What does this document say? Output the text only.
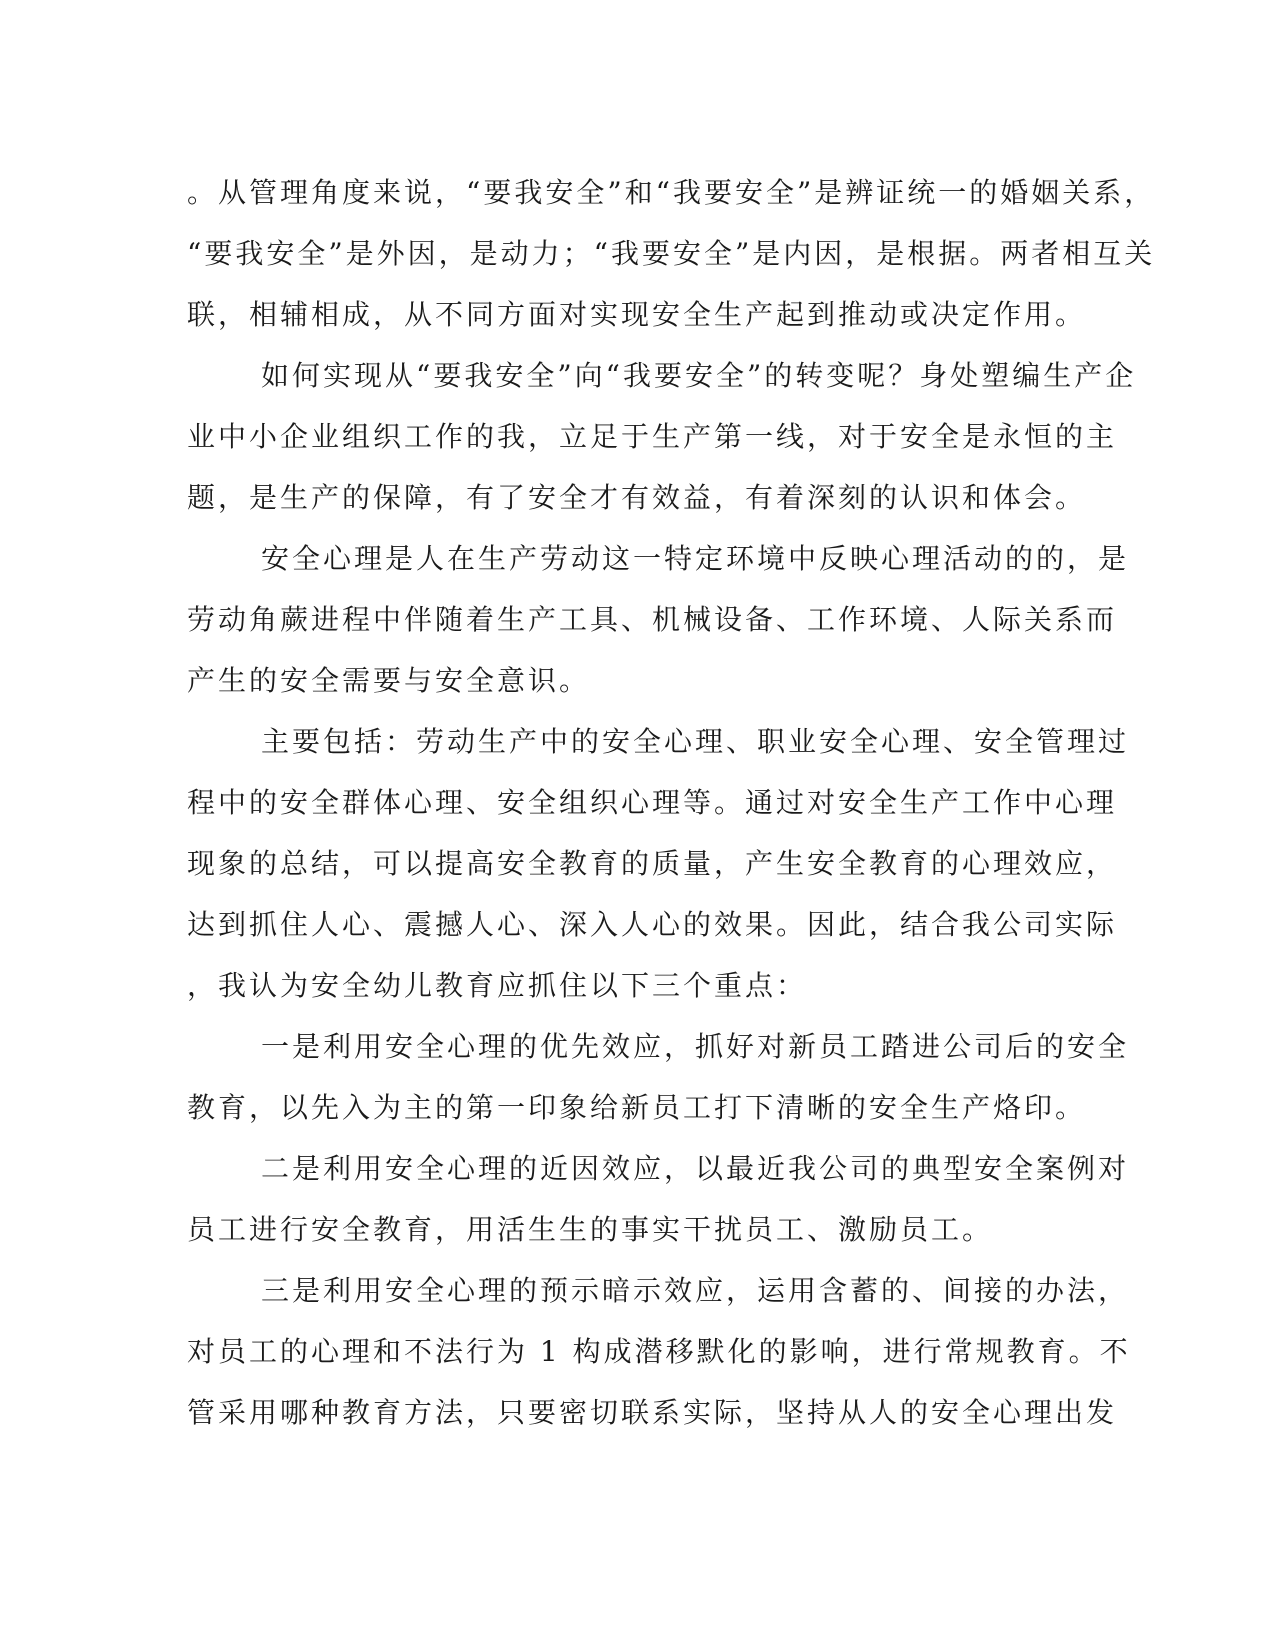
。从管理角度来说，“要我安全”和“我要安全”是辨证统一的婚姻关系，
“要我安全”是外因，是动力；“我要安全”是内因，是根据。两者相互关
联，相辅相成，从不同方面对实现安全生产起到推动或决定作用。
如何实现从“要我安全”向“我要安全”的转变呢？身处塑编生产企
业中小企业组织工作的我，立足于生产第一线，对于安全是永恒的主
题，是生产的保障，有了安全才有效益，有着深刻的认识和体会。
安全心理是人在生产劳动这一特定环境中反映心理活动的的，是
劳动角蕨进程中伴随着生产工具、机械设备、工作环境、人际关系而
产生的安全需要与安全意识。
主要包括：劳动生产中的安全心理、职业安全心理、安全管理过
程中的安全群体心理、安全组织心理等。通过对安全生产工作中心理
现象的总结，可以提高安全教育的质量，产生安全教育的心理效应，
达到抓住人心、震撼人心、深入人心的效果。因此，结合我公司实际
，我认为安全幼儿教育应抓住以下三个重点：
一是利用安全心理的优先效应，抓好对新员工踏进公司后的安全
教育，以先入为主的第一印象给新员工打下清晰的安全生产烙印。
二是利用安全心理的近因效应，以最近我公司的典型安全案例对
员工进行安全教育，用活生生的事实干扰员工、激励员工。
三是利用安全心理的预示暗示效应，运用含蓄的、间接的办法，
对员工的心理和不法行为 1 构成潜移默化的影响，进行常规教育。不
管采用哪种教育方法，只要密切联系实际，坚持从人的安全心理出发
